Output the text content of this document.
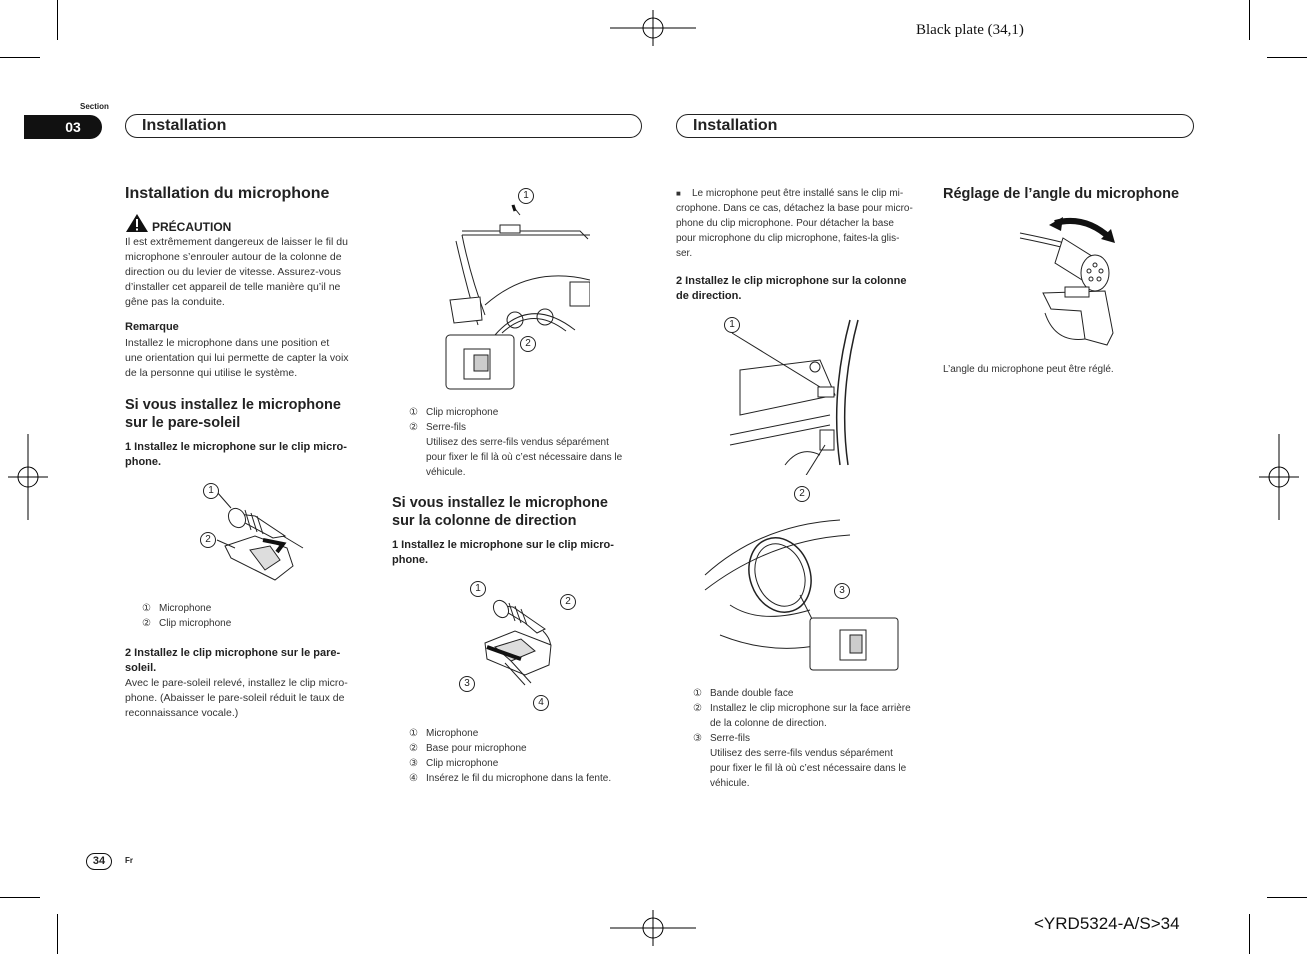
Black plate (34,1)
Section
03	Installation	Installation
Installation du microphone
PRÉCAUTION
Il est extrêmement dangereux de laisser le fil du
microphone s’enrouler autour de la colonne de
direction ou du levier de vitesse. Assurez-vous
d’installer cet appareil de telle manière qu’il ne
gêne pas la conduite.
Remarque
Installez le microphone dans une position et
une orientation qui lui permette de capter la voix
de la personne qui utilise le système.
Si vous installez le microphone
sur le pare-soleil
1 Installez le microphone sur le clip micro-
phone.
1
2
① Microphone
② Clip microphone
2 Installez le clip microphone sur le pare-
soleil.
Avec le pare-soleil relevé, installez le clip micro-
phone. (Abaisser le pare-soleil réduit le taux de
reconnaissance vocale.)
1
2
① Clip microphone
② Serre-fils
Utilisez des serre-fils vendus séparément
pour fixer le fil là où c’est nécessaire dans le
véhicule.
Si vous installez le microphone
sur la colonne de direction
1 Installez le microphone sur le clip micro-
phone.
1
2
3
4
① Microphone
② Base pour microphone
③ Clip microphone
④ Insérez le fil du microphone dans la fente.
■	Le microphone peut être installé sans le clip mi-
crophone. Dans ce cas, détachez la base pour micro-
phone du clip microphone. Pour détacher la base
pour microphone du clip microphone, faites-la glis-
ser.
2 Installez le clip microphone sur la colonne
de direction.
1
2
3
① Bande double face
② Installez le clip microphone sur la face arrière
de la colonne de direction.
③ Serre-fils
Utilisez des serre-fils vendus séparément
pour fixer le fil là où c’est nécessaire dans le
véhicule.
Réglage de l’angle du microphone
L’angle du microphone peut être réglé.
34	Fr
<YRD5324-A/S>34
